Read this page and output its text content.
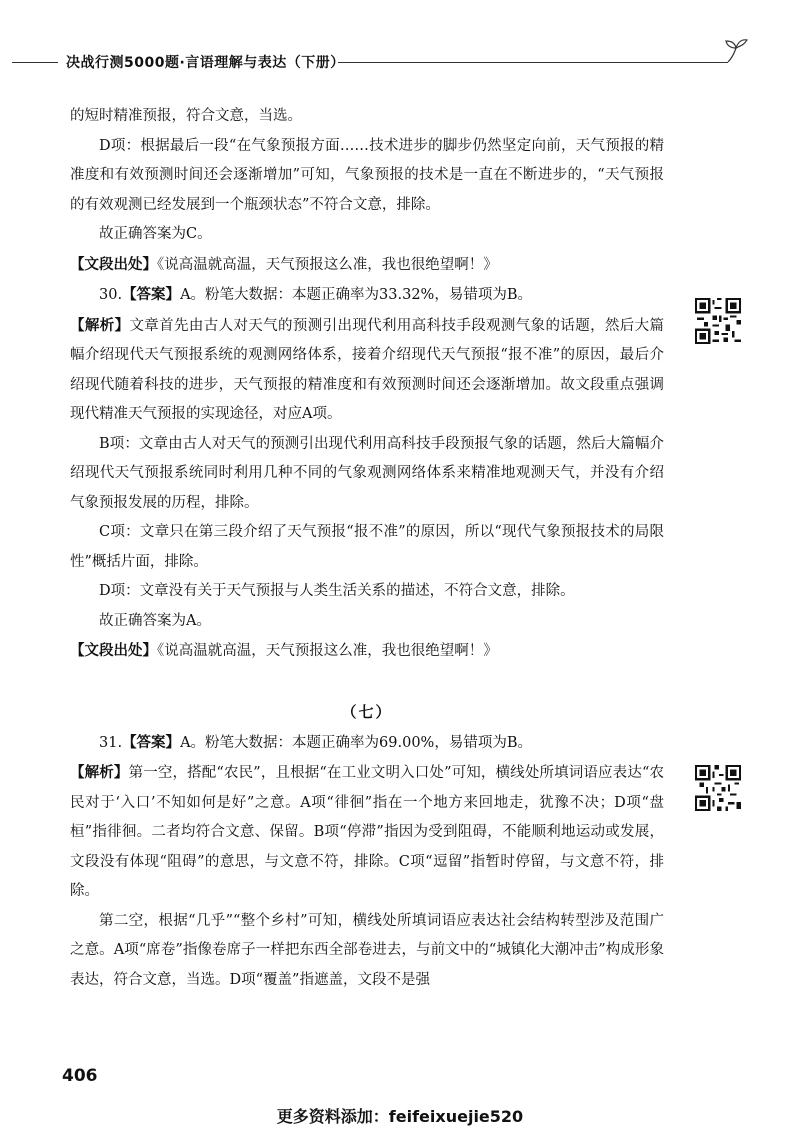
决战行测5000题·言语理解与表达（下册）

的短时精准预报，符合文意，当选。

D项：根据最后一段“在气象预报方面……技术进步的脚步仍然坚定向前，天气预报的精准度和有效预测时间还会逐渐增加”可知，气象预报的技术是一直在不断进步的，“天气预报的有效观测已经发展到一个瓶颈状态”不符合文意，排除。

故正确答案为C。

【文段出处】《说高温就高温，天气预报这么准，我也很绝望啊！》

30.【答案】A。粉笔大数据：本题正确率为33.32%，易错项为B。

【解析】文章首先由古人对天气的预测引出现代利用高科技手段观测气象的话题，然后大篇幅介绍现代天气预报系统的观测网络体系，接着介绍现代天气预报“报不准”的原因，最后介绍现代随着科技的进步，天气预报的精准度和有效预测时间还会逐渐增加。故文段重点强调现代精准天气预报的实现途径，对应A项。

B项：文章由古人对天气的预测引出现代利用高科技手段预报气象的话题，然后大篇幅介绍现代天气预报系统同时利用几种不同的气象观测网络体系来精准地观测天气，并没有介绍气象预报发展的历程，排除。

C项：文章只在第三段介绍了天气预报“报不准”的原因，所以“现代气象预报技术的局限性”概括片面，排除。

D项：文章没有关于天气预报与人类生活关系的描述，不符合文意，排除。

故正确答案为A。

【文段出处】《说高温就高温，天气预报这么准，我也很绝望啊！》

（七）

31.【答案】A。粉笔大数据：本题正确率为69.00%，易错项为B。

【解析】第一空，搭配“农民”，且根据“在工业文明入口处”可知，横线处所填词语应表达“农民对于‘入口’不知如何是好”之意。A项“徘徊”指在一个地方来回地走，犹豫不决；D项“盘桓”指徘徊。二者均符合文意、保留。B项“停滞”指因为受到阻碍，不能顺利地运动或发展，文段没有体现“阻碍”的意思，与文意不符，排除。C项“逗留”指暂时停留，与文意不符，排除。

第二空，根据“几乎”“整个乡村”可知，横线处所填词语应表达社会结构转型涉及范围广之意。A项“席卷”指像卷席子一样把东西全部卷进去，与前文中的“城镇化大潮冲击”构成形象表达，符合文意，当选。D项“覆盖”指遮盖，文段不是强

406
更多资料添加：feifeixuejie520
